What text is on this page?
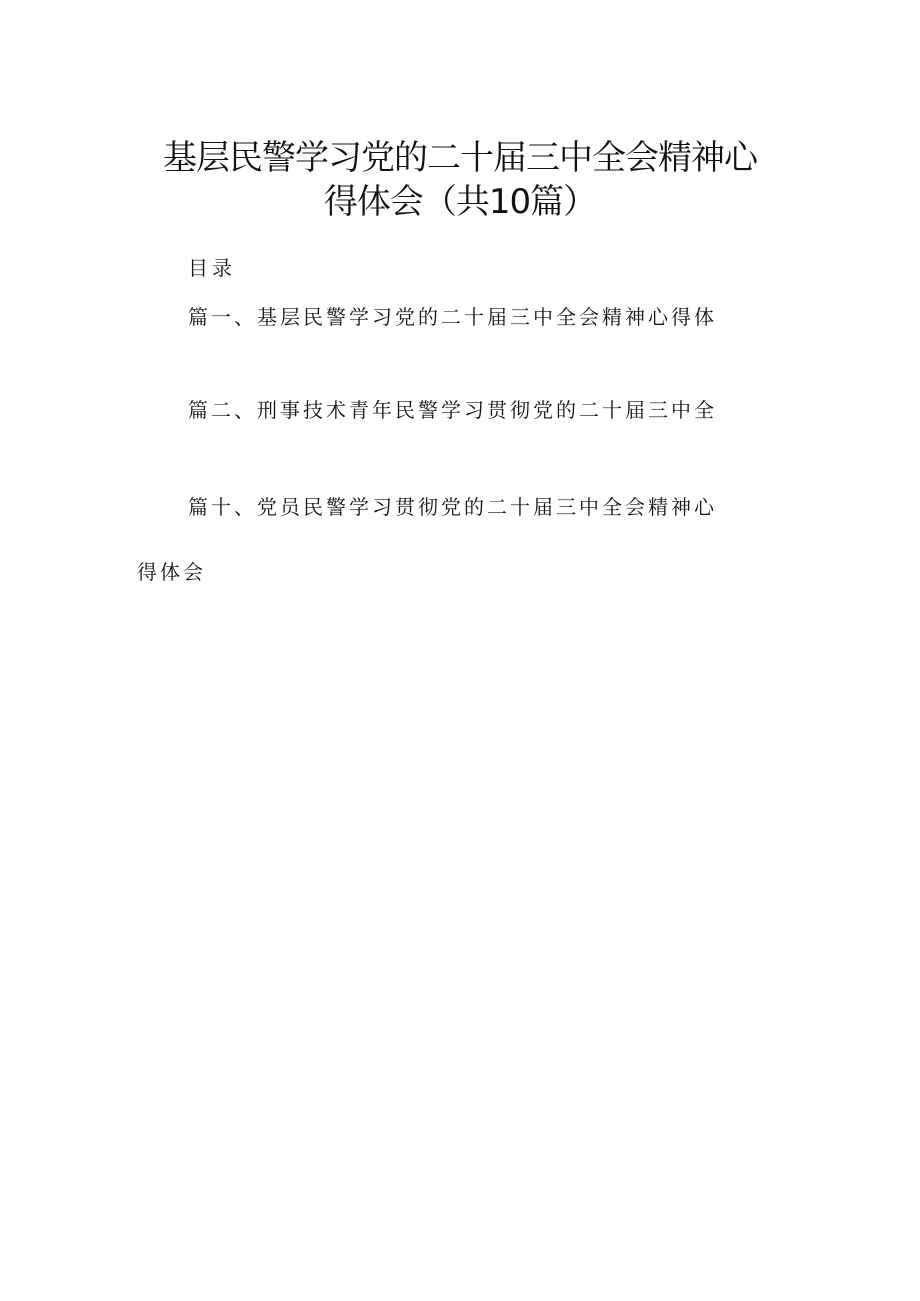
基层民警学习党的二十届三中全会精神心
得体会（共10篇）
目录
篇一、基层民警学习党的二十届三中全会精神心得体
篇二、刑事技术青年民警学习贯彻党的二十届三中全
篇十、党员民警学习贯彻党的二十届三中全会精神心
得体会
